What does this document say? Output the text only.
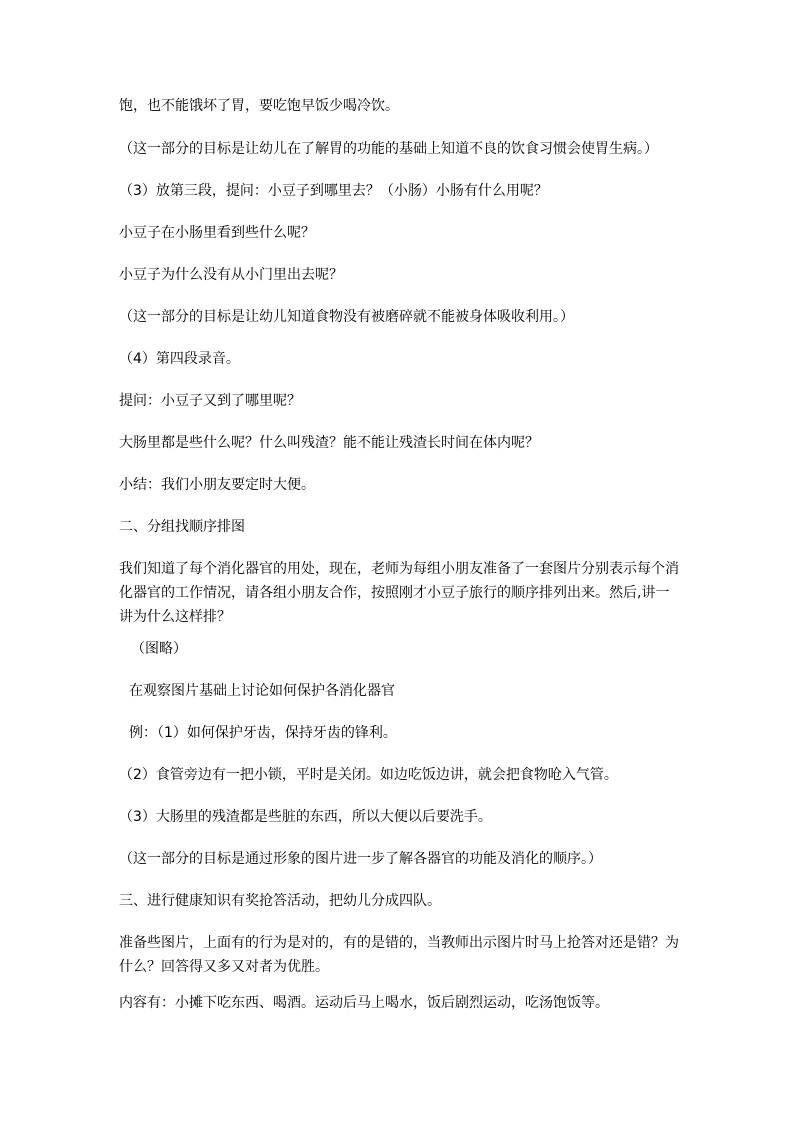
饱，也不能饿坏了胃，要吃饱早饭少喝冷饮。

（这一部分的目标是让幼儿在了解胃的功能的基础上知道不良的饮食习惯会使胃生病。）

（3）放第三段，提问：小豆子到哪里去？（小肠）小肠有什么用呢？

小豆子在小肠里看到些什么呢？

小豆子为什么没有从小门里出去呢？

（这一部分的目标是让幼儿知道食物没有被磨碎就不能被身体吸收利用。）

（4）第四段录音。

提问：小豆子又到了哪里呢？

大肠里都是些什么呢？什么叫残渣？能不能让残渣长时间在体内呢？

小结：我们小朋友要定时大便。

二、分组找顺序排图

我们知道了每个消化器官的用处，现在，老师为每组小朋友准备了一套图片分别表示每个消化器官的工作情况，请各组小朋友合作，按照刚才小豆子旅行的顺序排列出来。然后,讲一讲为什么这样排？

（图略）

在观察图片基础上讨论如何保护各消化器官

例：（1）如何保护牙齿，保持牙齿的锋利。

（2）食管旁边有一把小锁，平时是关闭。如边吃饭边讲，就会把食物呛入气管。

（3）大肠里的残渣都是些脏的东西，所以大便以后要洗手。

（这一部分的目标是通过形象的图片进一步了解各器官的功能及消化的顺序。）

三、进行健康知识有奖抢答活动，把幼儿分成四队。

准备些图片，上面有的行为是对的，有的是错的，当教师出示图片时马上抢答对还是错？为什么？回答得又多又对者为优胜。

内容有：小摊下吃东西、喝酒。运动后马上喝水，饭后剧烈运动，吃汤饱饭等。
